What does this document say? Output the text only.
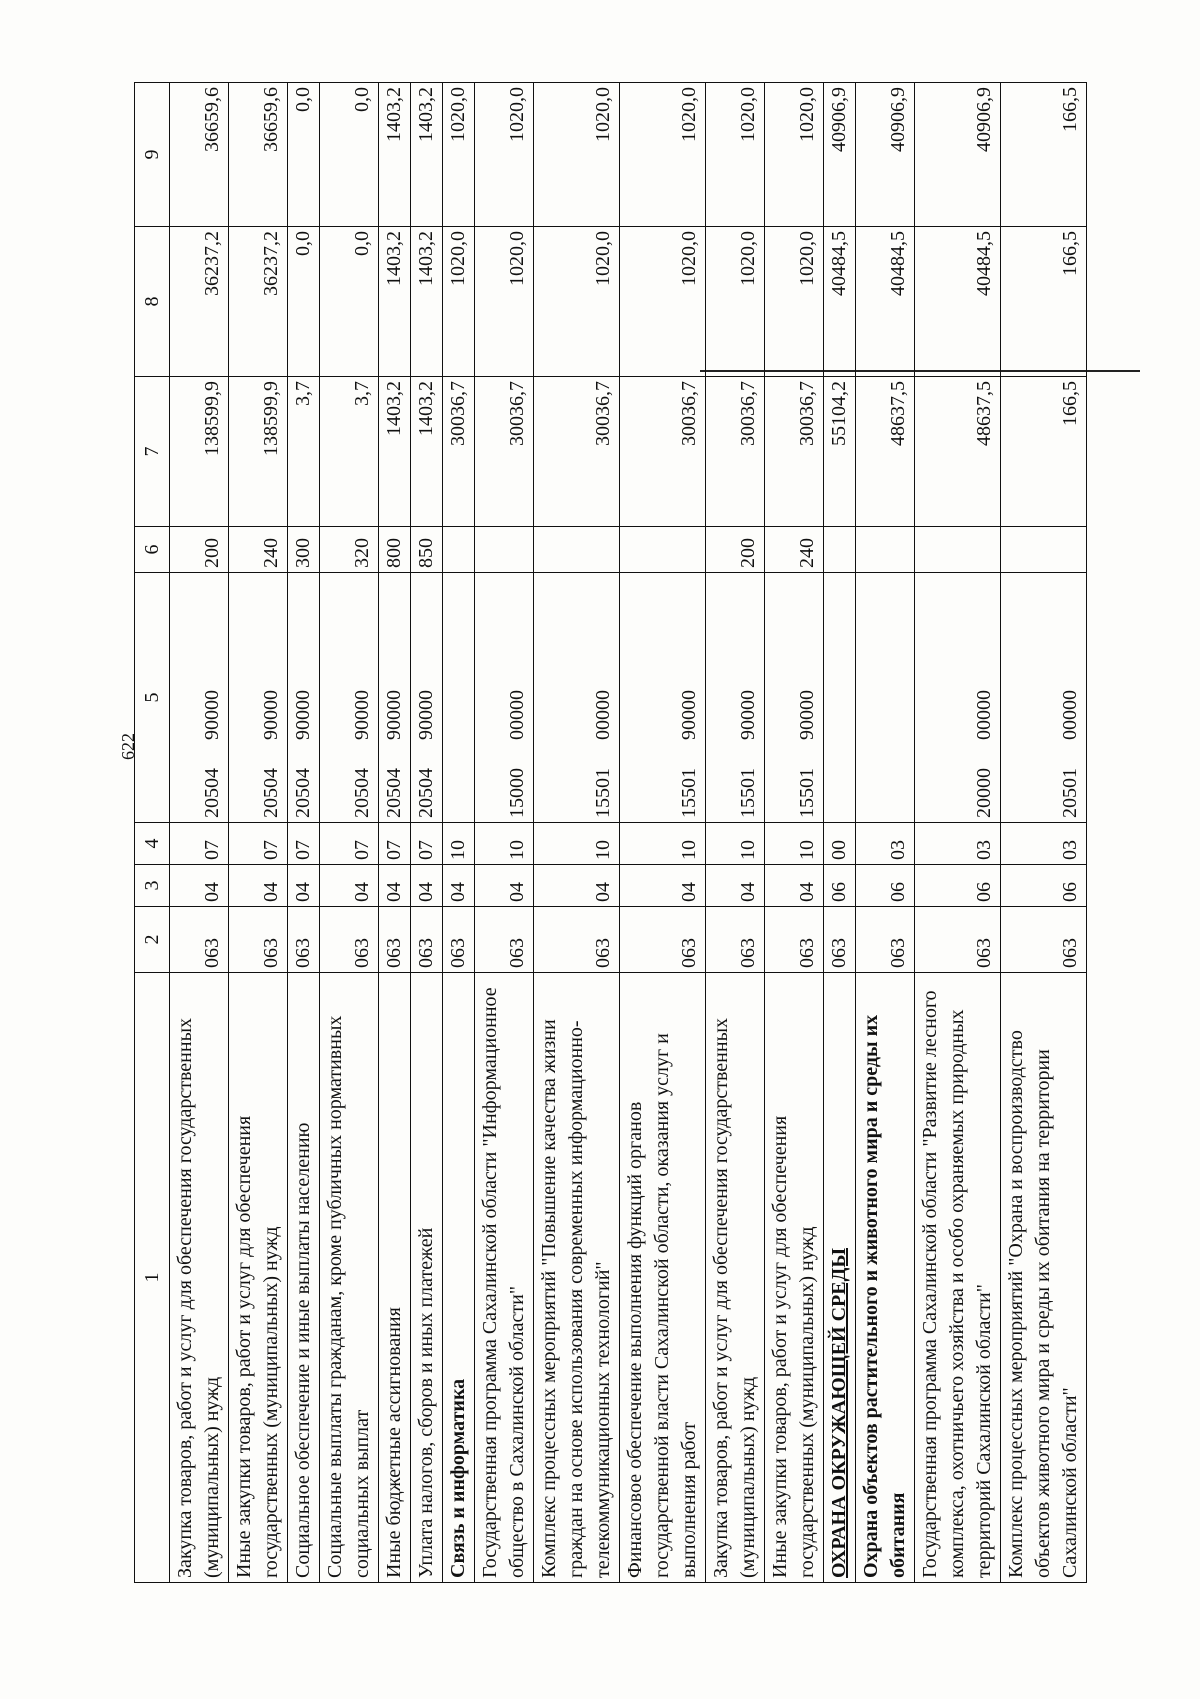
622
1	2	3	4	5	6	7	8	9
Закупка товаров, работ и услуг для обеспечения государственных (муниципальных) нужд	063	04	07	2050490000	200	138599,9	36237,2	36659,6
Иные закупки товаров, работ и услуг для обеспечения государственных (муниципальных) нужд	063	04	07	2050490000	240	138599,9	36237,2	36659,6
Социальное обеспечение и иные выплаты населению	063	04	07	2050490000	300	3,7	0,0	0,0
Социальные выплаты гражданам, кроме публичных нормативных социальных выплат	063	04	07	2050490000	320	3,7	0,0	0,0
Иные бюджетные ассигнования	063	04	07	2050490000	800	1403,2	1403,2	1403,2
Уплата налогов, сборов и иных платежей	063	04	07	2050490000	850	1403,2	1403,2	1403,2
Связь и информатика	063	04	10			30036,7	1020,0	1020,0
Государственная программа Сахалинской области "Информационное общество в Сахалинской области"	063	04	10	1500000000		30036,7	1020,0	1020,0
Комплекс процессных мероприятий "Повышение качества жизни граждан на основе использования современных информационно-телекоммуникационных технологий"	063	04	10	1550100000		30036,7	1020,0	1020,0
Финансовое обеспечение выполнения функций органов государственной власти Сахалинской области, оказания услуг и выполнения работ	063	04	10	1550190000		30036,7	1020,0	1020,0
Закупка товаров, работ и услуг для обеспечения государственных (муниципальных) нужд	063	04	10	1550190000	200	30036,7	1020,0	1020,0
Иные закупки товаров, работ и услуг для обеспечения государственных (муниципальных) нужд	063	04	10	1550190000	240	30036,7	1020,0	1020,0
ОХРАНА ОКРУЖАЮЩЕЙ СРЕДЫ	063	06	00			55104,2	40484,5	40906,9
Охрана объектов растительного и животного мира и среды их обитания	063	06	03			48637,5	40484,5	40906,9
Государственная программа Сахалинской области "Развитие лесного комплекса, охотничьего хозяйства и особо охраняемых природных территорий Сахалинской области"	063	06	03	2000000000		48637,5	40484,5	40906,9
Комплекс процессных мероприятий "Охрана и воспроизводство объектов животного мира и среды их обитания на территории Сахалинской области"	063	06	03	2050100000		166,5	166,5	166,5
